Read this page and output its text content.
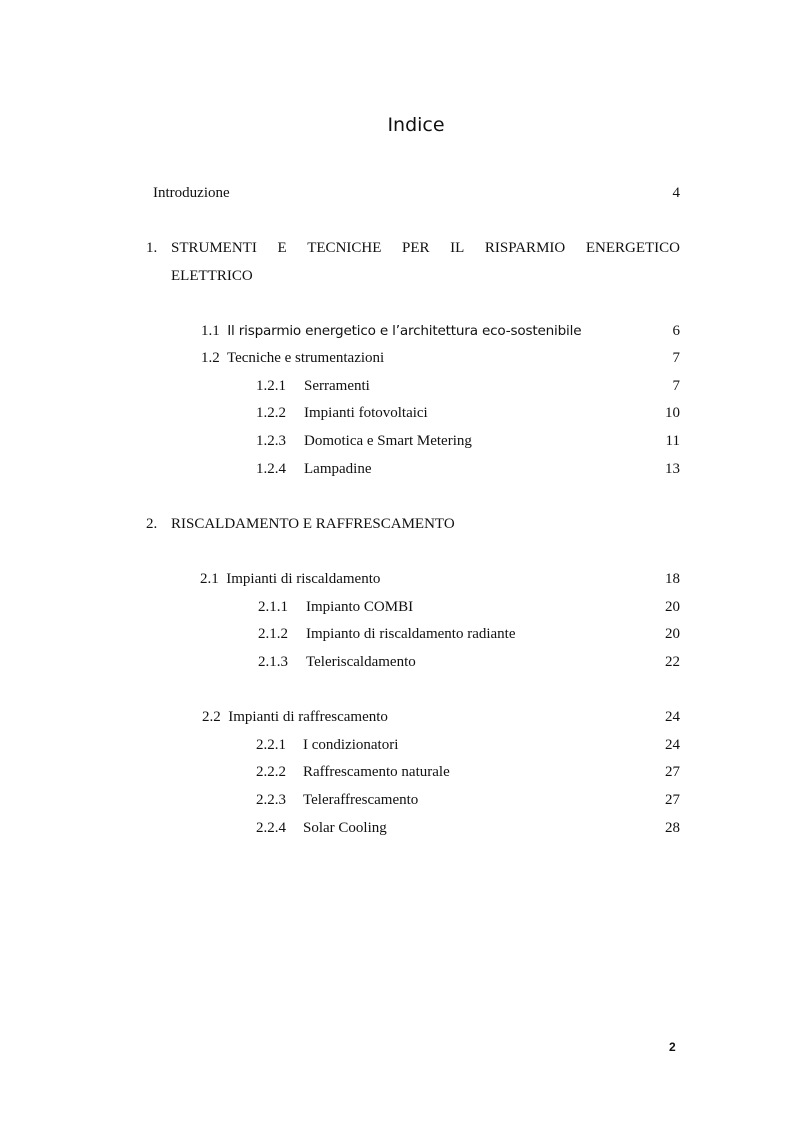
Indice
Introduzione	4
1. STRUMENTI E TECNICHE PER IL RISPARMIO ENERGETICO
ELETTRICO
1.1 Il risparmio energetico e l’architettura eco-sostenibile	6
1.2 Tecniche e strumentazioni	7
1.2.1 Serramenti	7
1.2.2 Impianti fotovoltaici	10
1.2.3 Domotica e Smart Metering	11
1.2.4 Lampadine	13
2. RISCALDAMENTO E RAFFRESCAMENTO
2.1 Impianti di riscaldamento	18
2.1.1 Impianto COMBI	20
2.1.2 Impianto di riscaldamento radiante	20
2.1.3 Teleriscaldamento	22
2.2 Impianti di raffrescamento	24
2.2.1 I condizionatori	24
2.2.2 Raffrescamento naturale	27
2.2.3 Teleraffrescamento	27
2.2.4 Solar Cooling	28
2
